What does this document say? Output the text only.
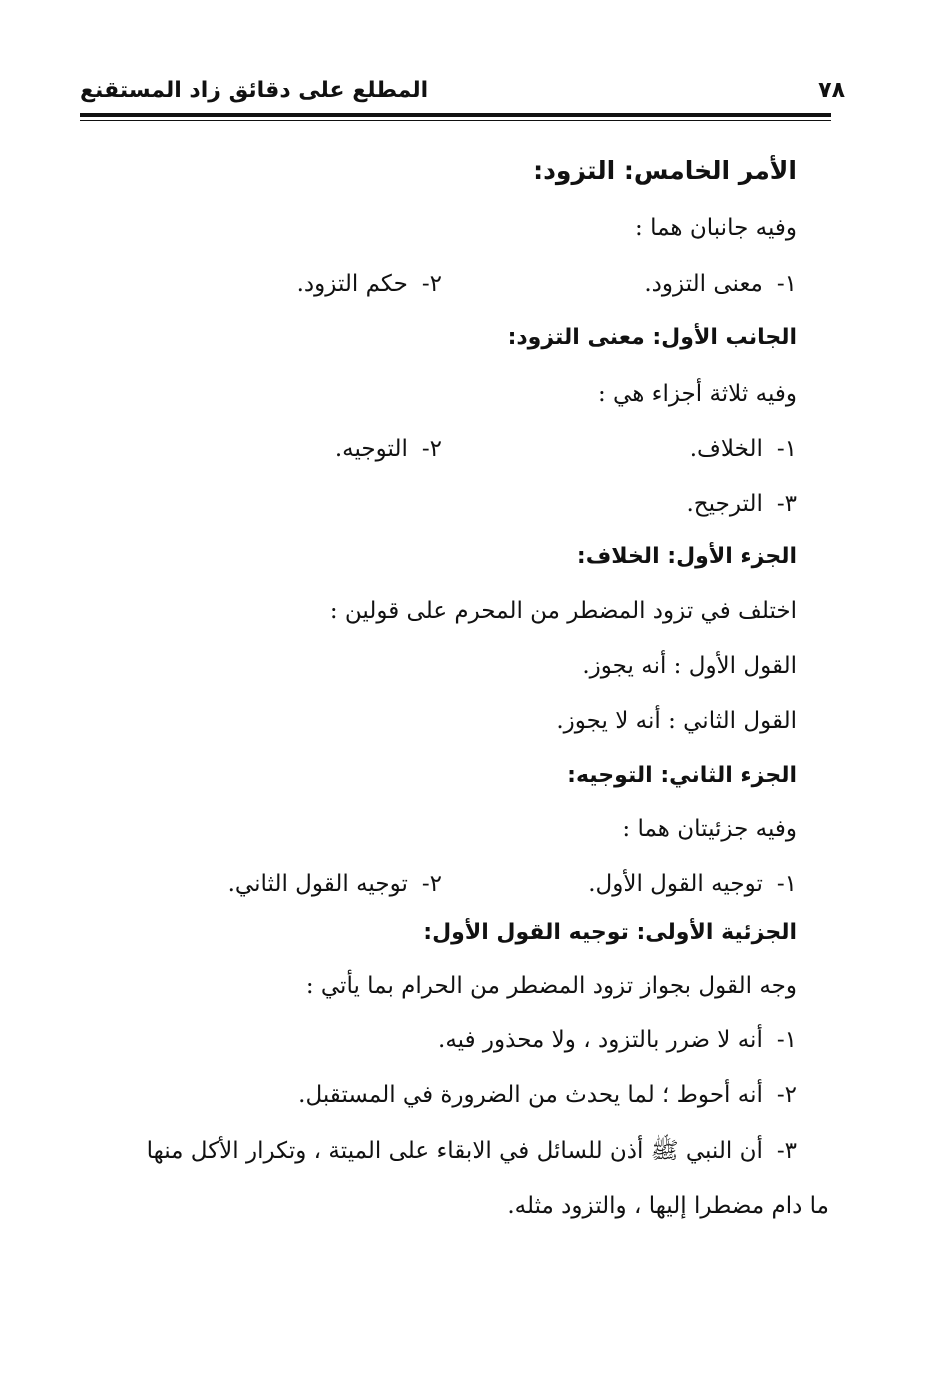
المطلع على دقائق زاد المستقنع	٧٨
الأمر الخامس: التزود:
وفيه جانبان هما :
١-معنى التزود.
٢-حكم التزود.
الجانب الأول: معنى التزود:
وفيه ثلاثة أجزاء هي :
١-الخلاف.
٢-التوجيه.
٣-الترجيح.
الجزء الأول: الخلاف:
اختلف في تزود المضطر من المحرم على قولين :
القول الأول : أنه يجوز.
القول الثاني : أنه لا يجوز.
الجزء الثاني: التوجيه:
وفيه جزئيتان هما :
١-توجيه القول الأول.
٢-توجيه القول الثاني.
الجزئية الأولى: توجيه القول الأول:
وجه القول بجواز تزود المضطر من الحرام بما يأتي :
١-أنه لا ضرر بالتزود ، ولا محذور فيه.
٢-أنه أحوط ؛ لما يحدث من الضرورة في المستقبل.
٣-أن النبي ﷺ أذن للسائل في الابقاء على الميتة ، وتكرار الأكل منها
ما دام مضطرا إليها ، والتزود مثله.
